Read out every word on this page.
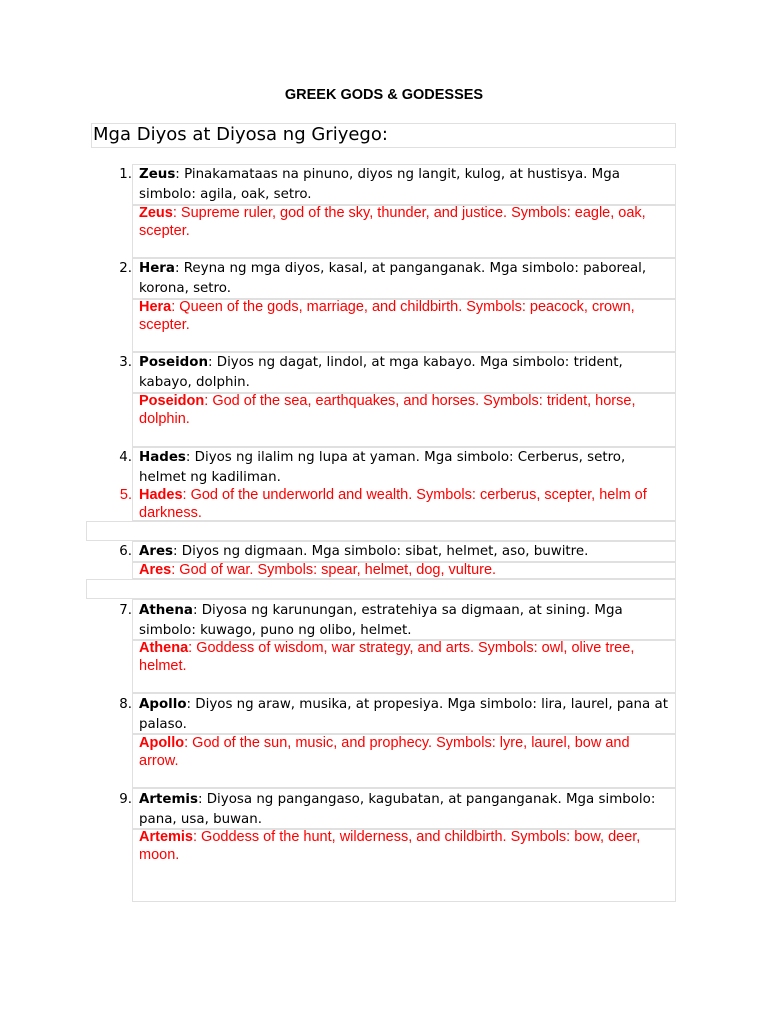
GREEK GODS & GODESSES
Mga Diyos at Diyosa ng Griyego:
1. Zeus: Pinakamataas na pinuno, diyos ng langit, kulog, at hustisya. Mga simbolo: agila, oak, setro.
Zeus: Supreme ruler, god of the sky, thunder, and justice. Symbols: eagle, oak, scepter.
2. Hera: Reyna ng mga diyos, kasal, at panganganak. Mga simbolo: paboreal, korona, setro.
Hera: Queen of the gods, marriage, and childbirth. Symbols: peacock, crown, scepter.
3. Poseidon: Diyos ng dagat, lindol, at mga kabayo. Mga simbolo: trident, kabayo, dolphin.
Poseidon: God of the sea, earthquakes, and horses. Symbols: trident, horse, dolphin.
4. Hades: Diyos ng ilalim ng lupa at yaman. Mga simbolo: Cerberus, setro, helmet ng kadiliman.
5. Hades: God of the underworld and wealth. Symbols: cerberus, scepter, helm of darkness.
6. Ares: Diyos ng digmaan. Mga simbolo: sibat, helmet, aso, buwitre.
Ares: God of war. Symbols: spear, helmet, dog, vulture.
7. Athena: Diyosa ng karunungan, estratehiya sa digmaan, at sining. Mga simbolo: kuwago, puno ng olibo, helmet.
Athena: Goddess of wisdom, war strategy, and arts. Symbols: owl, olive tree, helmet.
8. Apollo: Diyos ng araw, musika, at propesiya. Mga simbolo: lira, laurel, pana at palaso.
Apollo: God of the sun, music, and prophecy. Symbols: lyre, laurel, bow and arrow.
9. Artemis: Diyosa ng pangangaso, kagubatan, at panganganak. Mga simbolo: pana, usa, buwan.
Artemis: Goddess of the hunt, wilderness, and childbirth. Symbols: bow, deer, moon.
